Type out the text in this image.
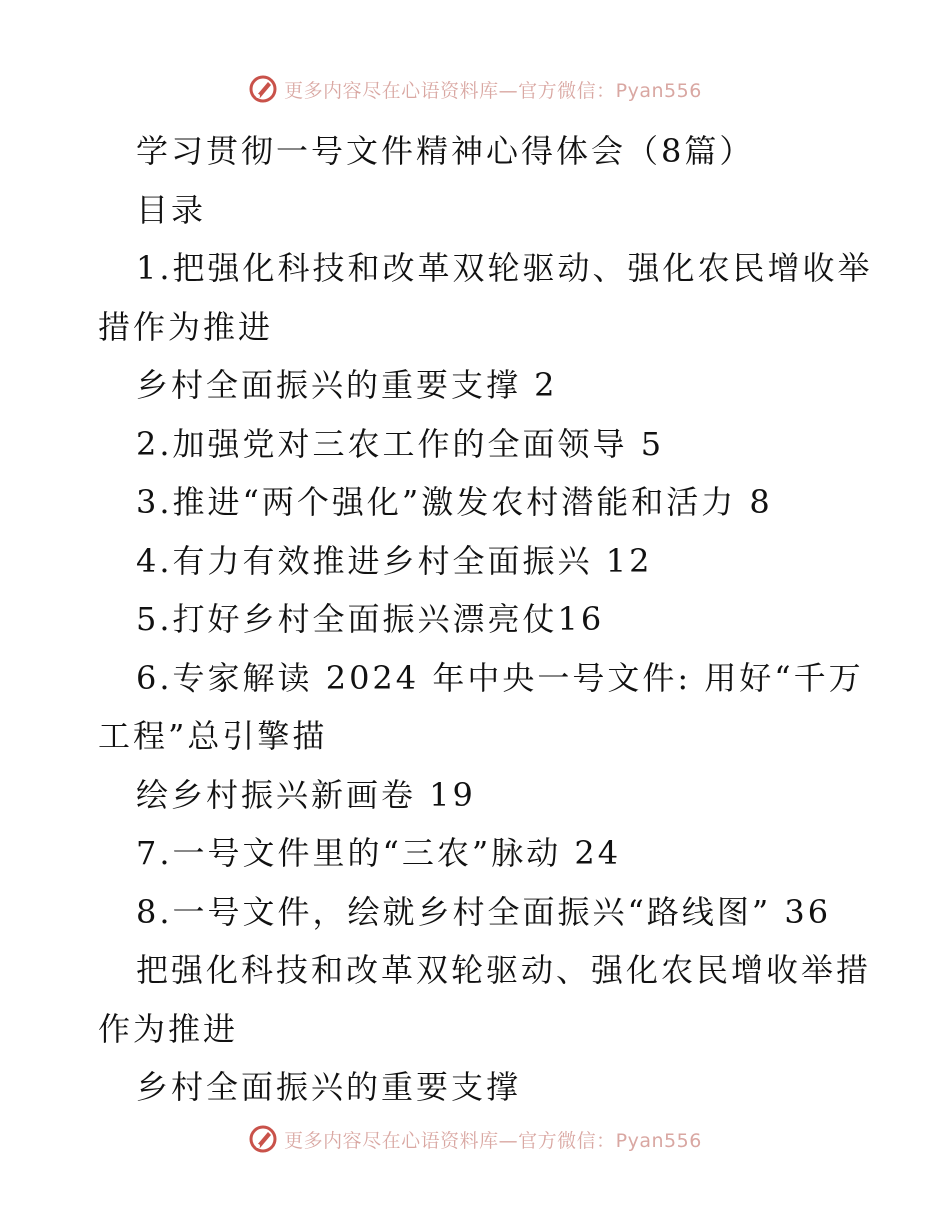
更多内容尽在心语资料库—官方微信：Pyan556

学习贯彻一号文件精神心得体会（8篇）

目录

1.把强化科技和改革双轮驱动、强化农民增收举

措作为推进

乡村全面振兴的重要支撑 2

2.加强党对三农工作的全面领导 5

3.推进“两个强化”激发农村潜能和活力 8

4.有力有效推进乡村全面振兴 12

5.打好乡村全面振兴漂亮仗16

6.专家解读 2024 年中央一号文件: 用好“千万

工程”总引擎描

绘乡村振兴新画卷 19

7.一号文件里的“三农”脉动 24

8.一号文件，绘就乡村全面振兴“路线图” 36

把强化科技和改革双轮驱动、强化农民增收举措

作为推进

乡村全面振兴的重要支撑

更多内容尽在心语资料库—官方微信：Pyan556
